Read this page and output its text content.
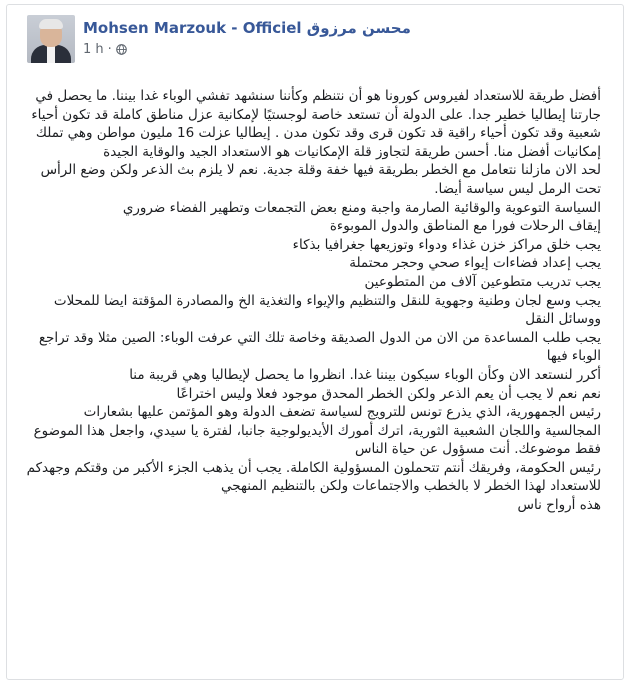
Mohsen Marzouk - Officiel محسن مرزوق
1 h ·

أفضل طريقة للاستعداد لفيروس كورونا هو أن نتنظم وكأننا سنشهد تفشي الوباء غدا بيننا. ما يحصل في جارتنا إيطاليا خطير جدا. على الدولة أن تستعد خاصة لوجستيًا لإمكانية عزل مناطق كاملة قد تكون أحياء شعبية وقد تكون أحياء راقية قد تكون قرى وقد تكون مدن . إيطاليا عزلت 16 مليون مواطن وهي تملك إمكانيات أفضل منا. أحسن طريقة لتجاوز قلة الإمكانيات هو الاستعداد الجيد والوقاية الجيدة

لحد الان مازلنا نتعامل مع الخطر بطريقة فيها خفة وقلة جدية. نعم لا يلزم بث الذعر ولكن وضع الرأس تحت الرمل ليس سياسة أيضا.

السياسة التوعوية والوقائية الصارمة واجبة ومنع بعض التجمعات وتطهير الفضاء ضروري

إيقاف الرحلات فورا مع المناطق والدول الموبوءة

يجب خلق مراكز خزن غذاء ودواء وتوزيعها جغرافيا بذكاء

يجب إعداد فضاءات إيواء صحي وحجر محتملة

يجب تدريب متطوعين آلاف من المتطوعين

يجب وسع لجان وطنية وجهوية للنقل والتنظيم والإيواء والتغذية الخ والمصادرة المؤقتة ايضا للمحلات ووسائل النقل

يجب طلب المساعدة من الان من الدول الصديقة وخاصة تلك التي عرفت الوباء: الصين مثلا وقد تراجع الوباء فيها

أكرر لنستعد الان وكأن الوباء سيكون بيننا غدا. انظروا ما يحصل لإيطاليا وهي قريبة منا

نعم نعم لا يجب أن يعم الذعر ولكن الخطر المحدق موجود فعلا وليس اختراعًا

رئيس الجمهورية، الذي يذرع تونس للترويج لسياسة تضعف الدولة وهو المؤتمن عليها بشعارات المجالسية واللجان الشعبية الثورية، اترك أمورك الأيديولوجية جانبا، لفترة يا سيدي، واجعل هذا الموضوع فقط موضوعك. أنت مسؤول عن حياة الناس

رئيس الحكومة، وفريقك أنتم تتحملون المسؤولية الكاملة. يجب أن يذهب الجزء الأكبر من وقتكم وجهدكم للاستعداد لهذا الخطر لا بالخطب والاجتماعات ولكن بالتنظيم المنهجي

هذه أرواح ناس
